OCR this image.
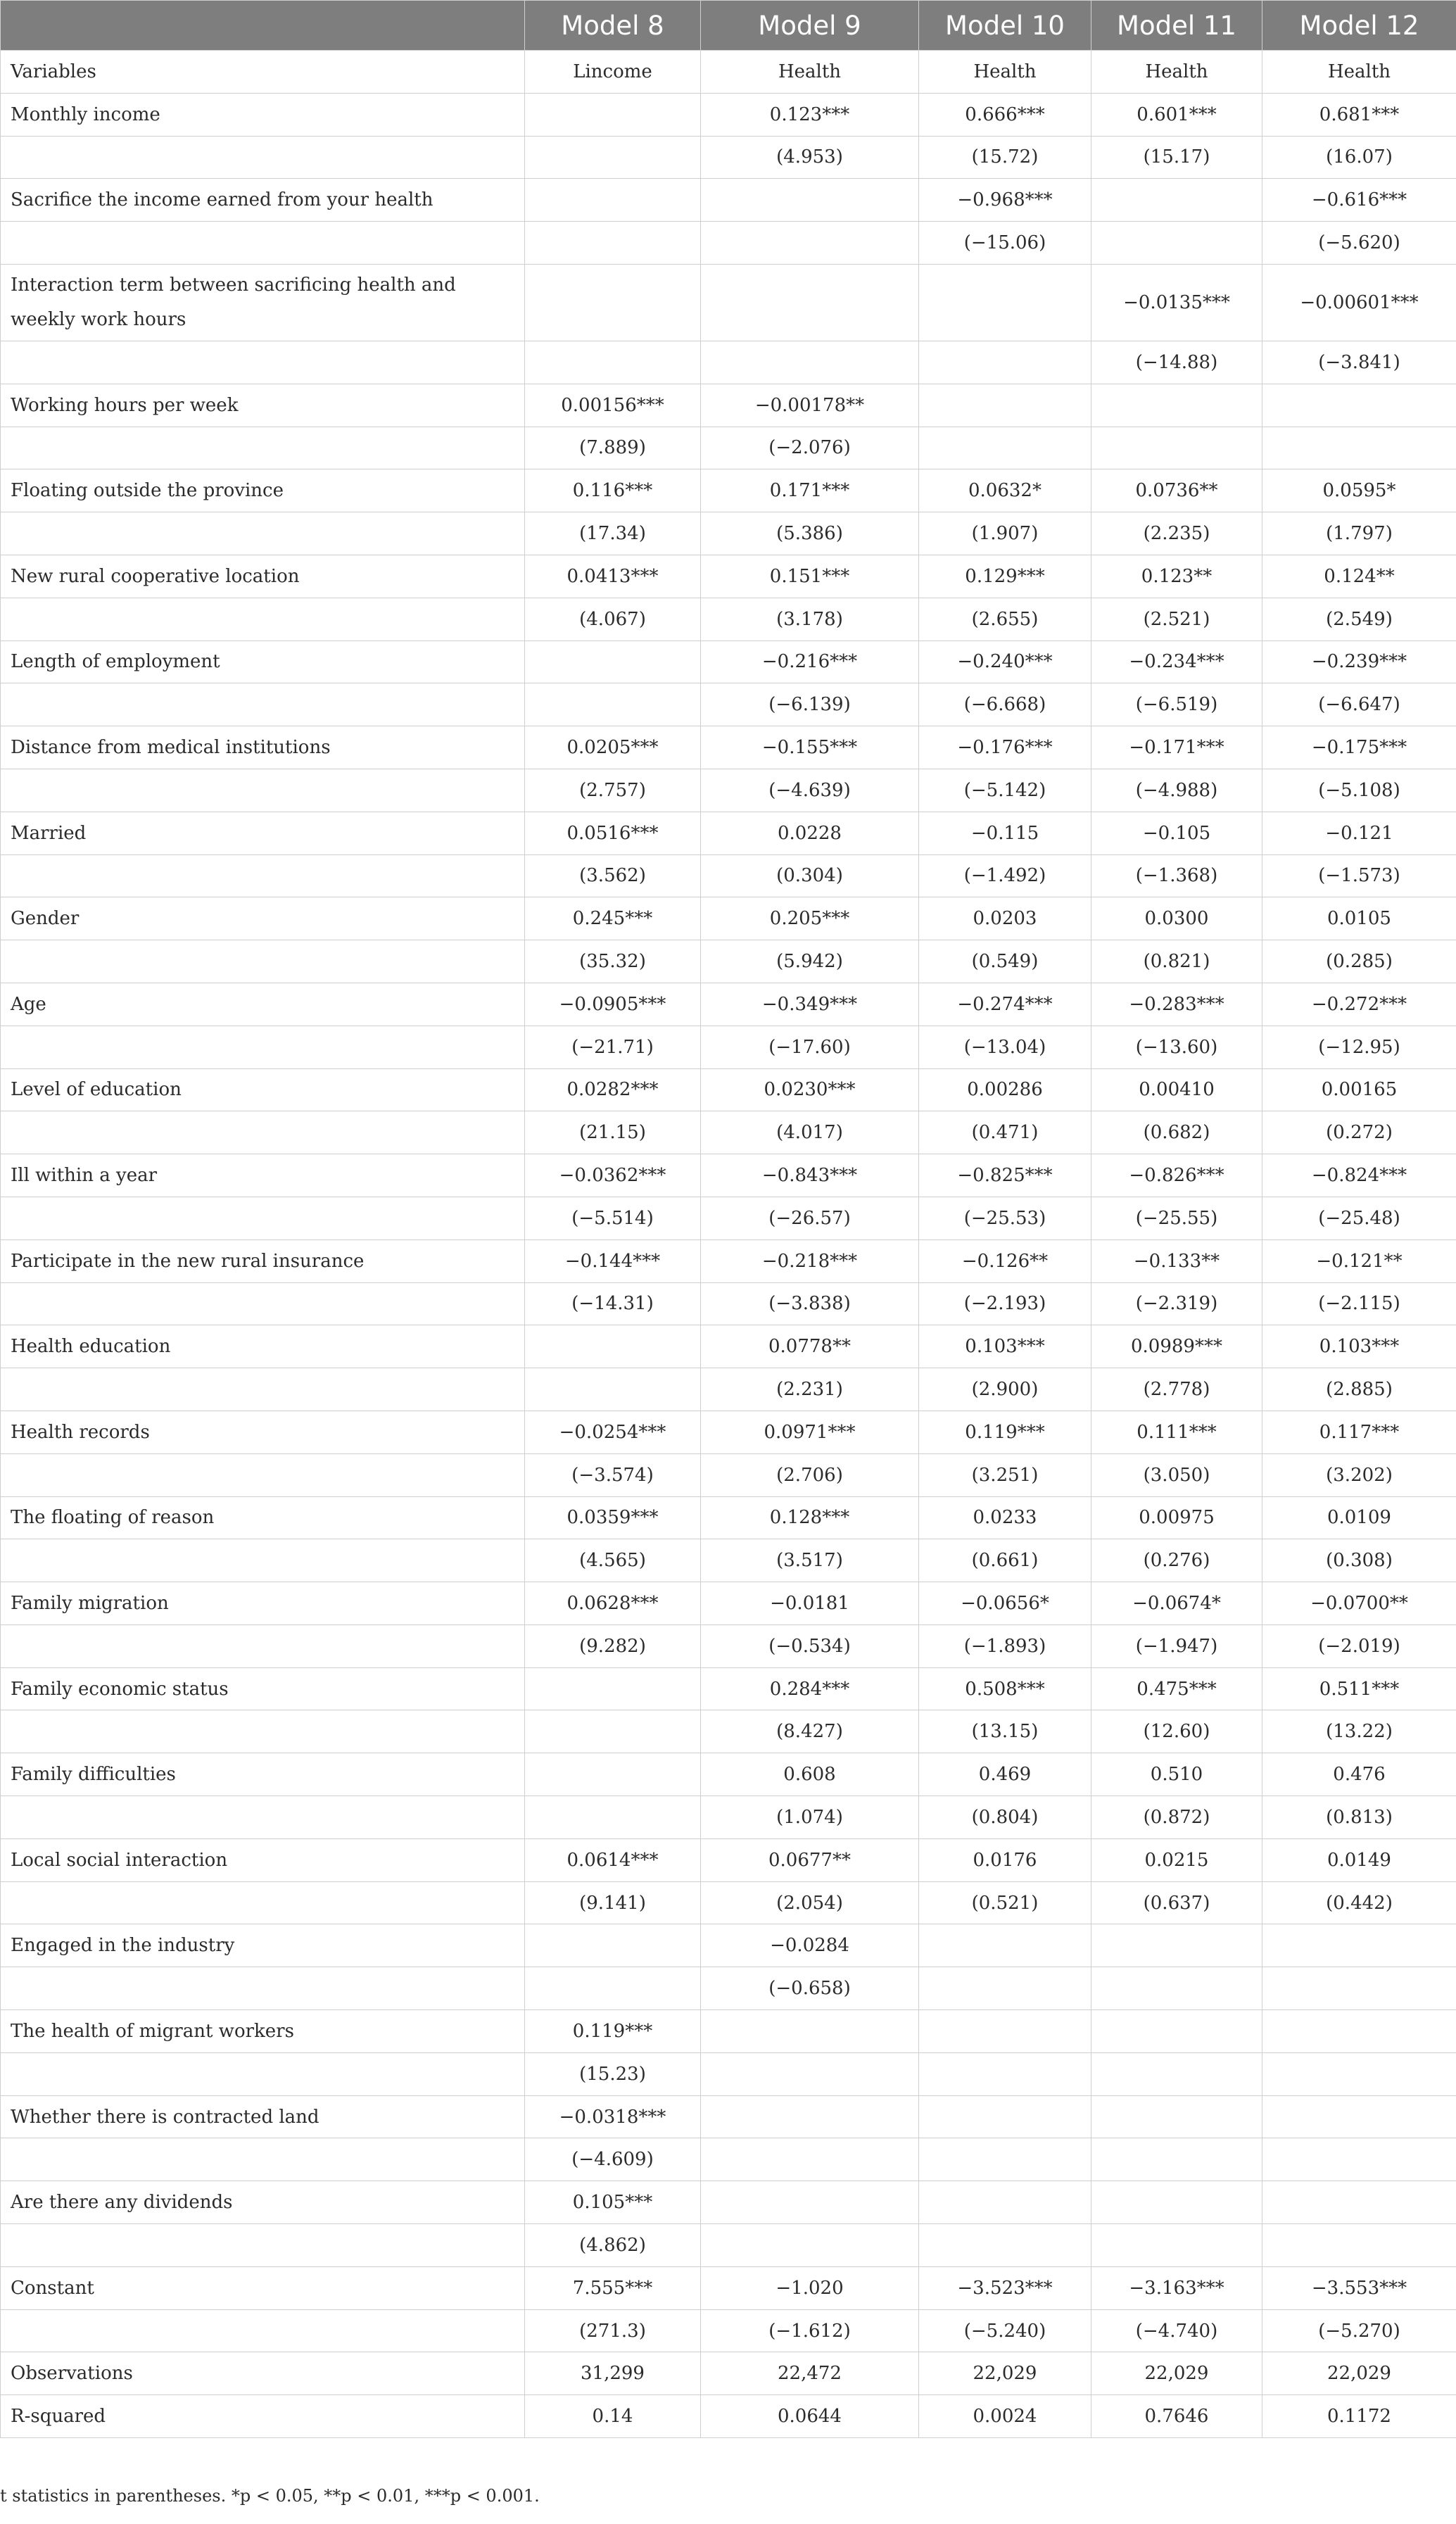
	Model 8	Model 9	Model 10	Model 11	Model 12
Variables	Lincome	Health	Health	Health	Health
Monthly income		0.123***	0.666***	0.601***	0.681***
		(4.953)	(15.72)	(15.17)	(16.07)
Sacrifice the income earned from your health			−0.968***		−0.616***
			(−15.06)		(−5.620)
Interaction term between sacrificing health and weekly work hours				−0.0135***	−0.00601***
				(−14.88)	(−3.841)
Working hours per week	0.00156***	−0.00178**			
	(7.889)	(−2.076)			
Floating outside the province	0.116***	0.171***	0.0632*	0.0736**	0.0595*
	(17.34)	(5.386)	(1.907)	(2.235)	(1.797)
New rural cooperative location	0.0413***	0.151***	0.129***	0.123**	0.124**
	(4.067)	(3.178)	(2.655)	(2.521)	(2.549)
Length of employment		−0.216***	−0.240***	−0.234***	−0.239***
		(−6.139)	(−6.668)	(−6.519)	(−6.647)
Distance from medical institutions	0.0205***	−0.155***	−0.176***	−0.171***	−0.175***
	(2.757)	(−4.639)	(−5.142)	(−4.988)	(−5.108)
Married	0.0516***	0.0228	−0.115	−0.105	−0.121
	(3.562)	(0.304)	(−1.492)	(−1.368)	(−1.573)
Gender	0.245***	0.205***	0.0203	0.0300	0.0105
	(35.32)	(5.942)	(0.549)	(0.821)	(0.285)
Age	−0.0905***	−0.349***	−0.274***	−0.283***	−0.272***
	(−21.71)	(−17.60)	(−13.04)	(−13.60)	(−12.95)
Level of education	0.0282***	0.0230***	0.00286	0.00410	0.00165
	(21.15)	(4.017)	(0.471)	(0.682)	(0.272)
Ill within a year	−0.0362***	−0.843***	−0.825***	−0.826***	−0.824***
	(−5.514)	(−26.57)	(−25.53)	(−25.55)	(−25.48)
Participate in the new rural insurance	−0.144***	−0.218***	−0.126**	−0.133**	−0.121**
	(−14.31)	(−3.838)	(−2.193)	(−2.319)	(−2.115)
Health education		0.0778**	0.103***	0.0989***	0.103***
		(2.231)	(2.900)	(2.778)	(2.885)
Health records	−0.0254***	0.0971***	0.119***	0.111***	0.117***
	(−3.574)	(2.706)	(3.251)	(3.050)	(3.202)
The floating of reason	0.0359***	0.128***	0.0233	0.00975	0.0109
	(4.565)	(3.517)	(0.661)	(0.276)	(0.308)
Family migration	0.0628***	−0.0181	−0.0656*	−0.0674*	−0.0700**
	(9.282)	(−0.534)	(−1.893)	(−1.947)	(−2.019)
Family economic status		0.284***	0.508***	0.475***	0.511***
		(8.427)	(13.15)	(12.60)	(13.22)
Family difficulties		0.608	0.469	0.510	0.476
		(1.074)	(0.804)	(0.872)	(0.813)
Local social interaction	0.0614***	0.0677**	0.0176	0.0215	0.0149
	(9.141)	(2.054)	(0.521)	(0.637)	(0.442)
Engaged in the industry		−0.0284			
		(−0.658)			
The health of migrant workers	0.119***				
	(15.23)				
Whether there is contracted land	−0.0318***				
	(−4.609)				
Are there any dividends	0.105***				
	(4.862)				
Constant	7.555***	−1.020	−3.523***	−3.163***	−3.553***
	(271.3)	(−1.612)	(−5.240)	(−4.740)	(−5.270)
Observations	31,299	22,472	22,029	22,029	22,029
R-squared	0.14	0.0644	0.0024	0.7646	0.1172
t statistics in parentheses. *p < 0.05, **p < 0.01, ***p < 0.001.
